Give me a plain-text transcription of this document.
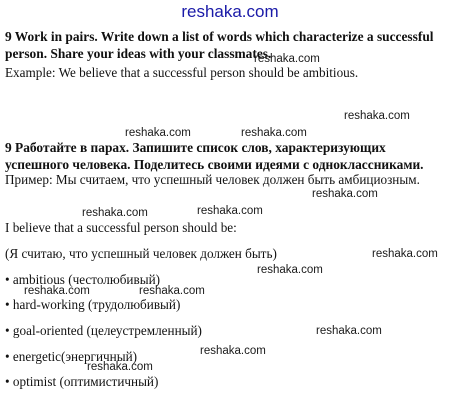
reshaka.com
9 Work in pairs. Write down a list of words which characterize a successful
person. Share your ideas with your classmates.
Example: We believe that a successful person should be ambitious.
9 Работайте в парах. Запишите список слов, характеризующих
успешного человека. Поделитесь своими идеями с одноклассниками.
Пример: Мы считаем, что успешный человек должен быть амбициозным.
I believe that a successful person should be:
(Я считаю, что успешный человек должен быть)
• ambitious (честолюбивый)
• hard-working (трудолюбивый)
• goal-oriented (целеустремленный)
• energetic(энергичный)
• optimist (оптимистичный)
reshaka.com
reshaka.com
reshaka.com	reshaka.com
reshaka.com
reshaka.com	reshaka.com
reshaka.com
reshaka.com
reshaka.com	reshaka.com
reshaka.com
reshaka.com
reshaka.com
